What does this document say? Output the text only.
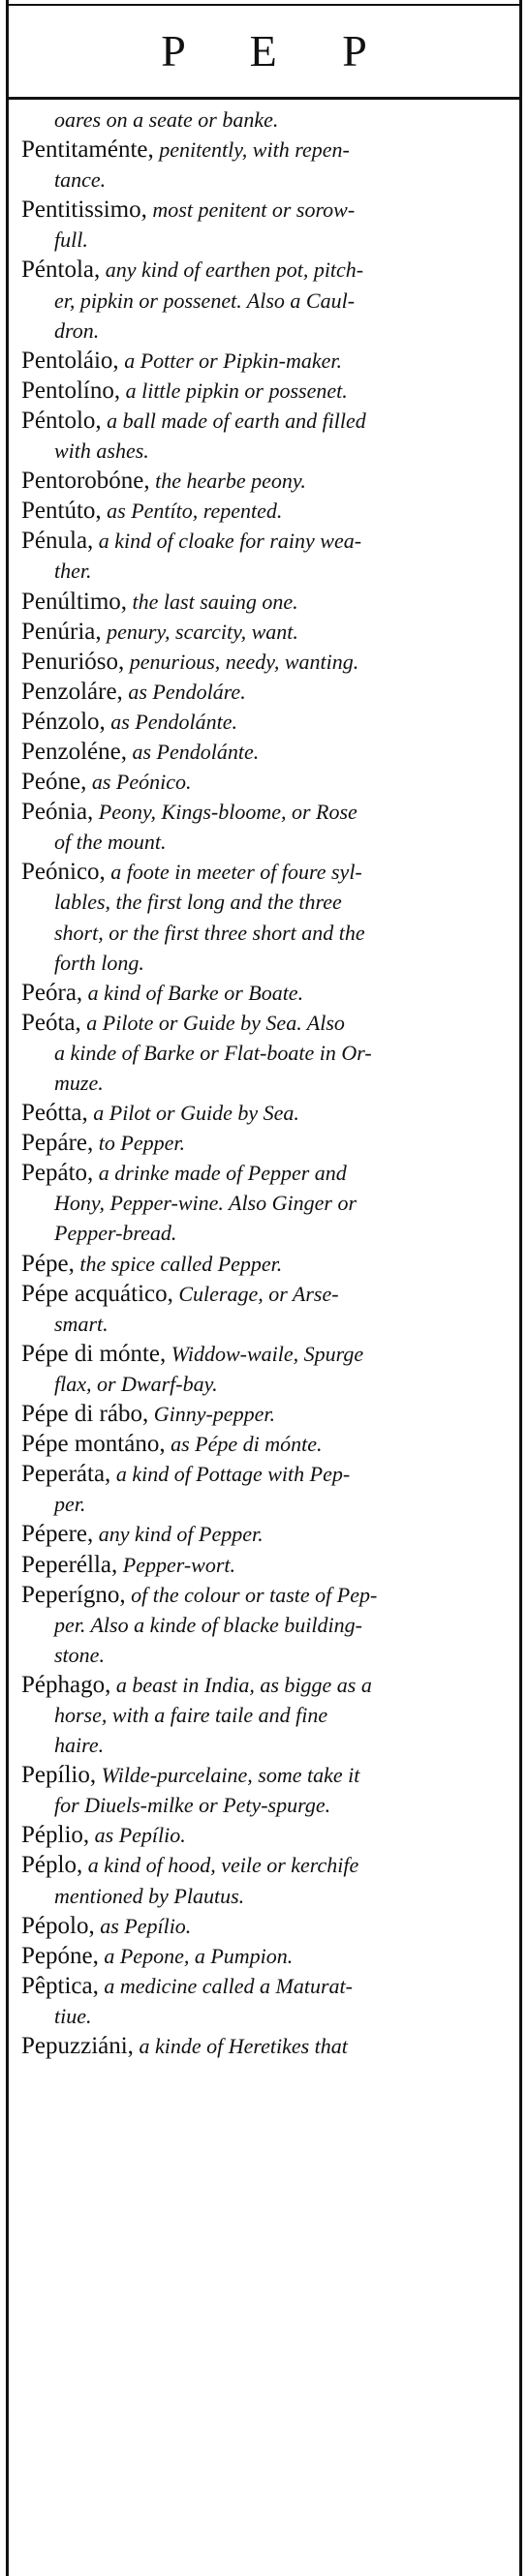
P E P
oares on a seate or banke.
Pentitaménte, penitently, with repen-
tance.
Pentitissimo, most penitent or sorow-
full.
Péntola, any kind of earthen pot, pitch-
er, pipkin or possenet. Also a Caul-
dron.
Pentoláio, a Potter or Pipkin-maker.
Pentolíno, a little pipkin or possenet.
Péntolo, a ball made of earth and filled
with ashes.
Pentorobóne, the hearbe peony.
Pentúto, as Pentíto, repented.
Pénula, a kind of cloake for rainy wea-
ther.
Penúltimo, the last sauing one.
Penúria, penury, scarcity, want.
Penurióso, penurious, needy, wanting.
Penzoláre, as Pendoláre.
Pénzolo, as Pendolánte.
Penzoléne, as Pendolánte.
Peóne, as Peónico.
Peónia, Peony, Kings-bloome, or Rose
of the mount.
Peónico, a foote in meeter of foure syl-
lables, the first long and the three
short, or the first three short and the
forth long.
Peóra, a kind of Barke or Boate.
Peóta, a Pilote or Guide by Sea. Also
a kinde of Barke or Flat-boate in Or-
muze.
Peótta, a Pilot or Guide by Sea.
Pepáre, to Pepper.
Pepáto, a drinke made of Pepper and
Hony, Pepper-wine. Also Ginger or
Pepper-bread.
Pépe, the spice called Pepper.
Pépe acquático, Culerage, or Arse-
smart.
Pépe di mónte, Widdow-waile, Spurge
flax, or Dwarf-bay.
Pépe di rábo, Ginny-pepper.
Pépe montáno, as Pépe di mónte.
Peperáta, a kind of Pottage with Pep-
per.
Pépere, any kind of Pepper.
Peperélla, Pepper-wort.
Peperígno, of the colour or taste of Pep-
per. Also a kinde of blacke building-
stone.
Péphago, a beast in India, as bigge as a
horse, with a faire taile and fine
haire.
Pepílio, Wilde-purcelaine, some take it
for Diuels-milke or Pety-spurge.
Péplio, as Pepílio.
Péplo, a kind of hood, veile or kerchife
mentioned by Plautus.
Pépolo, as Pepílio.
Pepóne, a Pepone, a Pumpion.
Pêptica, a medicine called a Maturat-
tiue.
Pepuzziáni, a kinde of Heretikes that
